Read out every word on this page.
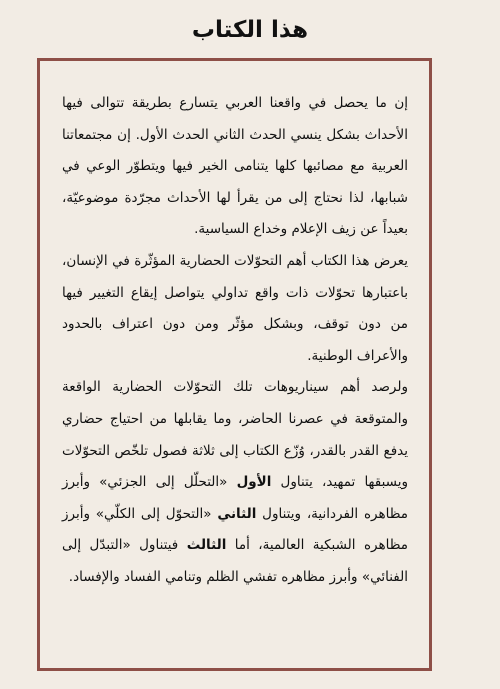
هذا الكتاب

إن ما يحصل في واقعنا العربي يتسارع بطريقة تتوالى فيها الأحداث بشكل ينسي الحدث الثاني الحدث الأول. إن مجتمعاتنا العربية مع مصائبها كلها يتنامى الخير فيها ويتطوّر الوعي في شبابها، لذا نحتاج إلى من يقرأ لها الأحداث مجرّدة موضوعيّة، بعيداً عن زيف الإعلام وخداع السياسية.

يعرض هذا الكتاب أهم التحوّلات الحضارية المؤثّرة في الإنسان، باعتبارها تحوّلات ذات واقع تداولي يتواصل إيقاع التغيير فيها من دون توقف، وبشكل مؤثّر ومن دون اعتراف بالحدود والأعراف الوطنية.

ولرصد أهم سيناريوهات تلك التحوّلات الحضارية الواقعة والمتوقعة في عصرنا الحاضر، وما يقابلها من احتياج حضاري يدفع القدر بالقدر، وُزّع الكتاب إلى ثلاثة فصول تلخّص التحوّلات ويسبقها تمهيد، يتناول الأول «التحلّل إلى الجزئي» وأبرز مظاهره الفردانية، ويتناول الثاني «التحوّل إلى الكلّي» وأبرز مظاهره الشبكية العالمية، أما الثالث فيتناول «التبدّل إلى الفنائي» وأبرز مظاهره تفشي الظلم وتنامي الفساد والإفساد.
